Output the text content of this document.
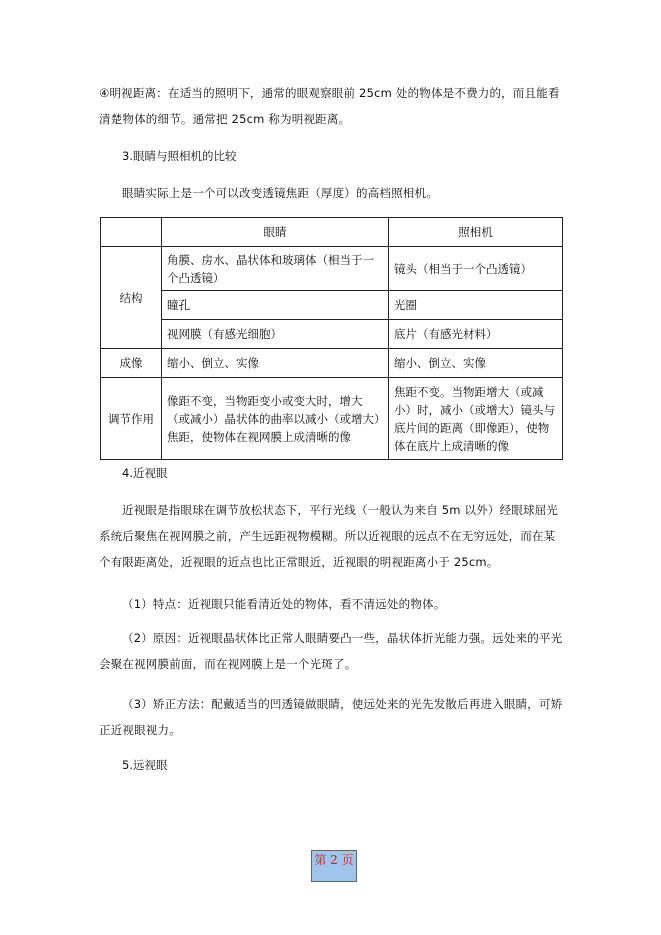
④明视距离：在适当的照明下，通常的眼观察眼前 25cm 处的物体是不费力的，而且能看清楚物体的细节。通常把 25cm 称为明视距离。
3.眼睛与照相机的比较
眼睛实际上是一个可以改变透镜焦距（厚度）的高档照相机。
	眼睛	照相机
结构	角膜、房水、晶状体和玻璃体（相当于一个凸透镜）	镜头（相当于一个凸透镜）
	瞳孔	光圈
	视网膜（有感光细胞）	底片（有感光材料）
成像	缩小、倒立、实像	缩小、倒立、实像
调节作用	像距不变，当物距变小或变大时，增大（或减小）晶状体的曲率以减小（或增大）焦距，使物体在视网膜上成清晰的像	焦距不变。当物距增大（或减小）时，减小（或增大）镜头与底片间的距离（即像距），使物体在底片上成清晰的像
4.近视眼
近视眼是指眼球在调节放松状态下，平行光线（一般认为来自 5m 以外）经眼球屈光系统后聚焦在视网膜之前，产生远距视物模糊。所以近视眼的远点不在无穷远处，而在某个有限距离处，近视眼的近点也比正常眼近，近视眼的明视距离小于 25cm。
（1）特点：近视眼只能看清近处的物体，看不清远处的物体。
（2）原因：近视眼晶状体比正常人眼睛要凸一些，晶状体折光能力强。远处来的平光会聚在视网膜前面，而在视网膜上是一个光斑了。
（3）矫正方法：配戴适当的凹透镜做眼睛，使远处来的光先发散后再进入眼睛，可矫正近视眼视力。
5.远视眼
第 2 页
